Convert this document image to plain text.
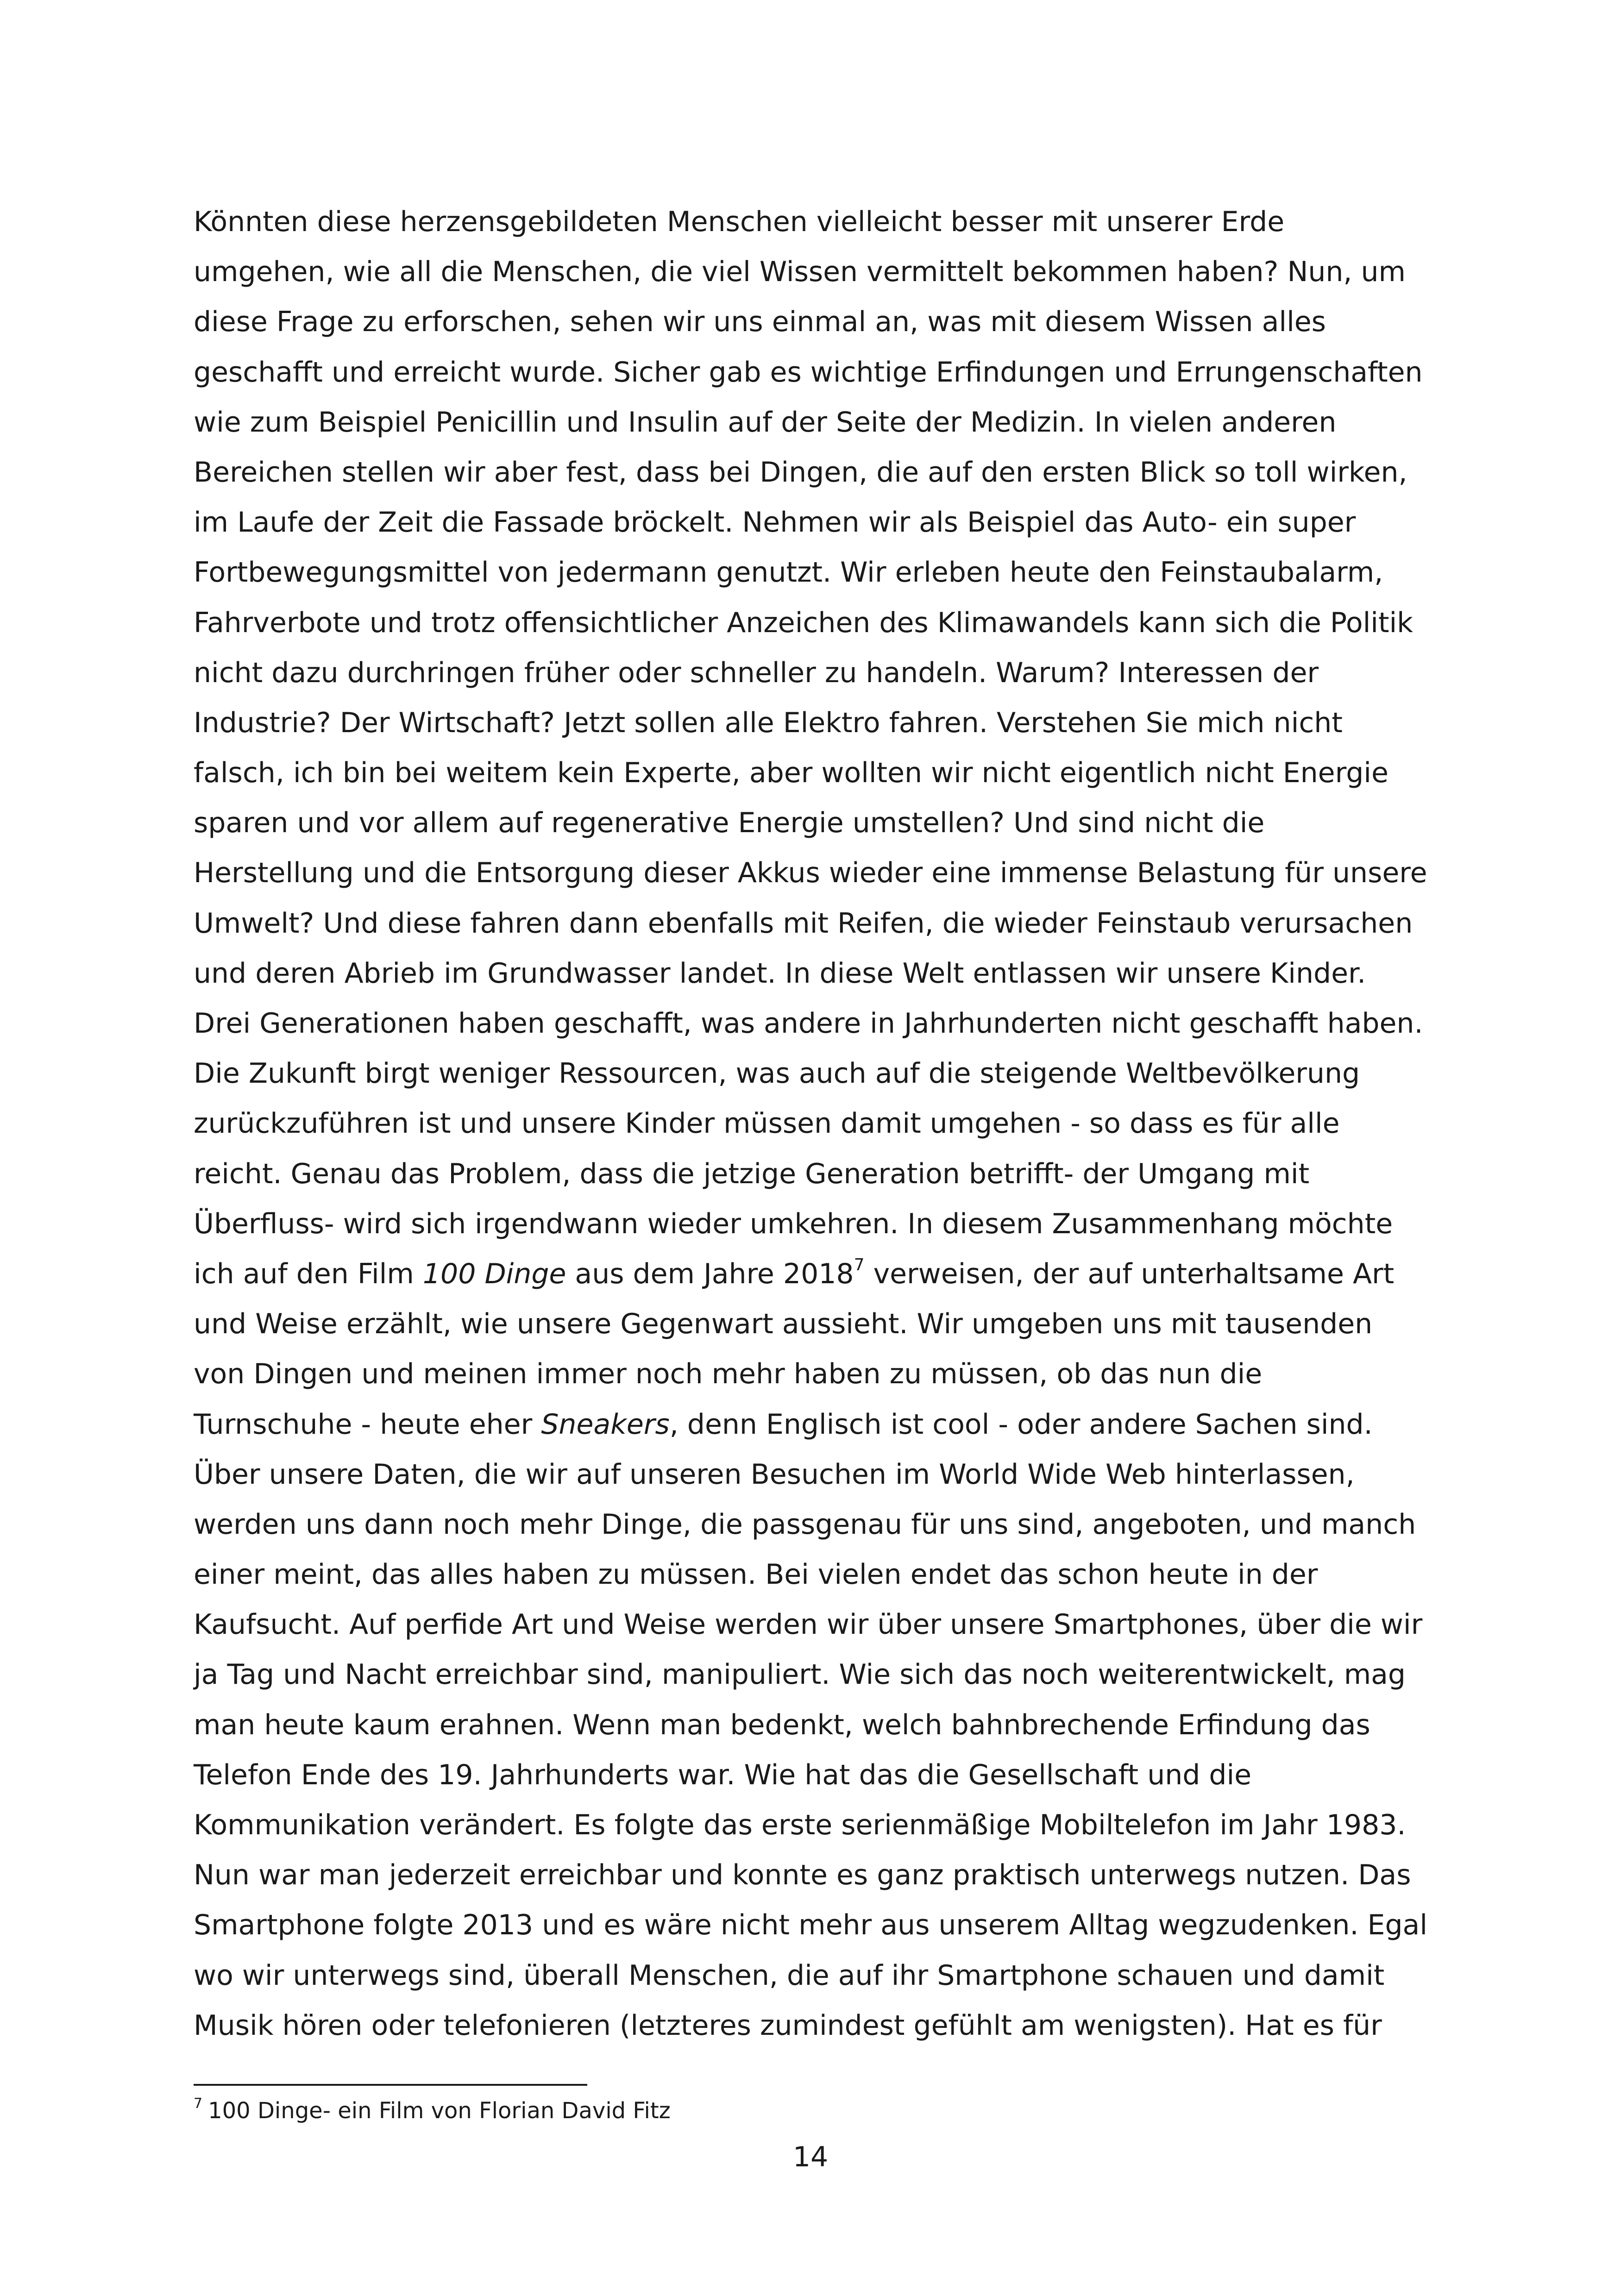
Könnten diese herzensgebildeten Menschen vielleicht besser mit unserer Erde
umgehen, wie all die Menschen, die viel Wissen vermittelt bekommen haben? Nun, um
diese Frage zu erforschen, sehen wir uns einmal an, was mit diesem Wissen alles
geschafft und erreicht wurde. Sicher gab es wichtige Erfindungen und Errungenschaften
wie zum Beispiel Penicillin und Insulin auf der Seite der Medizin. In vielen anderen
Bereichen stellen wir aber fest, dass bei Dingen, die auf den ersten Blick so toll wirken,
im Laufe der Zeit die Fassade bröckelt. Nehmen wir als Beispiel das Auto- ein super
Fortbewegungsmittel von jedermann genutzt. Wir erleben heute den Feinstaubalarm,
Fahrverbote und trotz offensichtlicher Anzeichen des Klimawandels kann sich die Politik
nicht dazu durchringen früher oder schneller zu handeln. Warum? Interessen der
Industrie? Der Wirtschaft? Jetzt sollen alle Elektro fahren. Verstehen Sie mich nicht
falsch, ich bin bei weitem kein Experte, aber wollten wir nicht eigentlich nicht Energie
sparen und vor allem auf regenerative Energie umstellen? Und sind nicht die
Herstellung und die Entsorgung dieser Akkus wieder eine immense Belastung für unsere
Umwelt? Und diese fahren dann ebenfalls mit Reifen, die wieder Feinstaub verursachen
und deren Abrieb im Grundwasser landet. In diese Welt entlassen wir unsere Kinder.
Drei Generationen haben geschafft, was andere in Jahrhunderten nicht geschafft haben.
Die Zukunft birgt weniger Ressourcen, was auch auf die steigende Weltbevölkerung
zurückzuführen ist und unsere Kinder müssen damit umgehen - so dass es für alle
reicht. Genau das Problem, dass die jetzige Generation betrifft- der Umgang mit
Überfluss- wird sich irgendwann wieder umkehren. In diesem Zusammenhang möchte
ich auf den Film 100 Dinge aus dem Jahre 2018$^7$ verweisen, der auf unterhaltsame Art
und Weise erzählt, wie unsere Gegenwart aussieht. Wir umgeben uns mit tausenden
von Dingen und meinen immer noch mehr haben zu müssen, ob das nun die
Turnschuhe - heute eher Sneakers, denn Englisch ist cool - oder andere Sachen sind.
Über unsere Daten, die wir auf unseren Besuchen im World Wide Web hinterlassen,
werden uns dann noch mehr Dinge, die passgenau für uns sind, angeboten, und manch
einer meint, das alles haben zu müssen. Bei vielen endet das schon heute in der
Kaufsucht. Auf perfide Art und Weise werden wir über unsere Smartphones, über die wir
ja Tag und Nacht erreichbar sind, manipuliert. Wie sich das noch weiterentwickelt, mag
man heute kaum erahnen. Wenn man bedenkt, welch bahnbrechende Erfindung das
Telefon Ende des 19. Jahrhunderts war. Wie hat das die Gesellschaft und die
Kommunikation verändert. Es folgte das erste serienmäßige Mobiltelefon im Jahr 1983.
Nun war man jederzeit erreichbar und konnte es ganz praktisch unterwegs nutzen. Das
Smartphone folgte 2013 und es wäre nicht mehr aus unserem Alltag wegzudenken. Egal
wo wir unterwegs sind, überall Menschen, die auf ihr Smartphone schauen und damit
Musik hören oder telefonieren (letzteres zumindest gefühlt am wenigsten). Hat es für
$^7$ 100 Dinge- ein Film von Florian David Fitz
14
